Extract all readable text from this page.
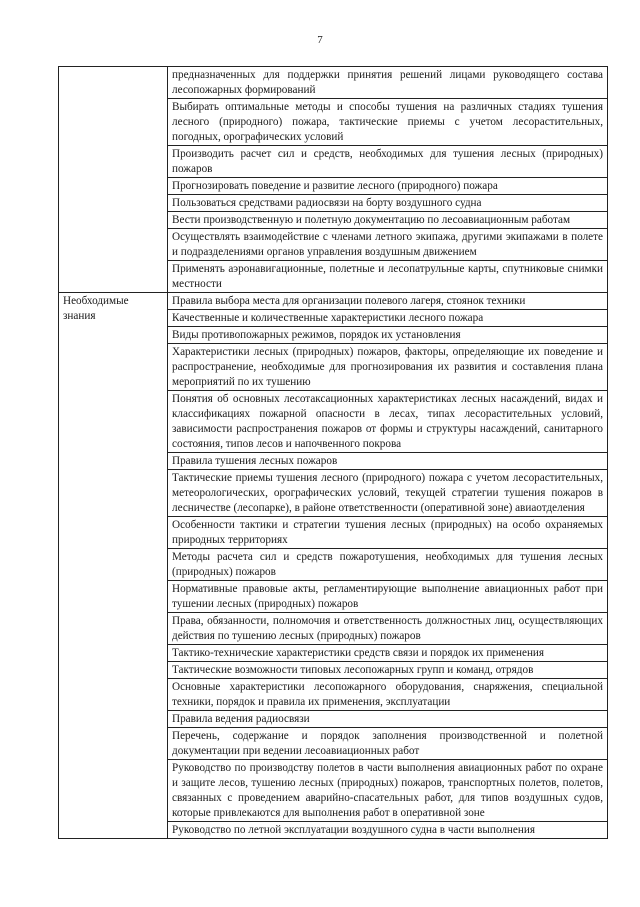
7
	предназначенных для поддержки принятия решений лицами руководящего состава лесопожарных формирований
	Выбирать оптимальные методы и способы тушения на различных стадиях тушения лесного (природного) пожара, тактические приемы с учетом лесорастительных, погодных, орографических условий
	Производить расчет сил и средств, необходимых для тушения лесных (природных) пожаров
	Прогнозировать поведение и развитие лесного (природного) пожара
	Пользоваться средствами радиосвязи на борту воздушного судна
	Вести производственную и полетную документацию по лесоавиационным работам
	Осуществлять взаимодействие с членами летного экипажа, другими экипажами в полете и подразделениями органов управления воздушным движением
	Применять аэронавигационные, полетные и лесопатрульные карты, спутниковые снимки местности
Необходимые знания	Правила выбора места для организации полевого лагеря, стоянок техники
	Качественные и количественные характеристики лесного пожара
	Виды противопожарных режимов, порядок их установления
	Характеристики лесных (природных) пожаров, факторы, определяющие их поведение и распространение, необходимые для прогнозирования их развития и составления плана мероприятий по их тушению
	Понятия об основных лесотаксационных характеристиках лесных насаждений, видах и классификациях пожарной опасности в лесах, типах лесорастительных условий, зависимости распространения пожаров от формы и структуры насаждений, санитарного состояния, типов лесов и напочвенного покрова
	Правила тушения лесных пожаров
	Тактические приемы тушения лесного (природного) пожара с учетом лесорастительных, метеорологических, орографических условий, текущей стратегии тушения пожаров в лесничестве (лесопарке), в районе ответственности (оперативной зоне) авиаотделения
	Особенности тактики и стратегии тушения лесных (природных) на особо охраняемых природных территориях
	Методы расчета сил и средств пожаротушения, необходимых для тушения лесных (природных) пожаров
	Нормативные правовые акты, регламентирующие выполнение авиационных работ при тушении лесных (природных) пожаров
	Права, обязанности, полномочия и ответственность должностных лиц, осуществляющих действия по тушению лесных (природных) пожаров
	Тактико-технические характеристики средств связи и порядок их применения
	Тактические возможности типовых лесопожарных групп и команд, отрядов
	Основные характеристики лесопожарного оборудования, снаряжения, специальной техники, порядок и правила их применения, эксплуатации
	Правила ведения радиосвязи
	Перечень, содержание и порядок заполнения производственной и полетной документации при ведении лесоавиационных работ
	Руководство по производству полетов в части выполнения авиационных работ по охране и защите лесов, тушению лесных (природных) пожаров, транспортных полетов, полетов, связанных с проведением аварийно-спасательных работ, для типов воздушных судов, которые привлекаются для выполнения работ в оперативной зоне
	Руководство по летной эксплуатации воздушного судна в части выполнения
